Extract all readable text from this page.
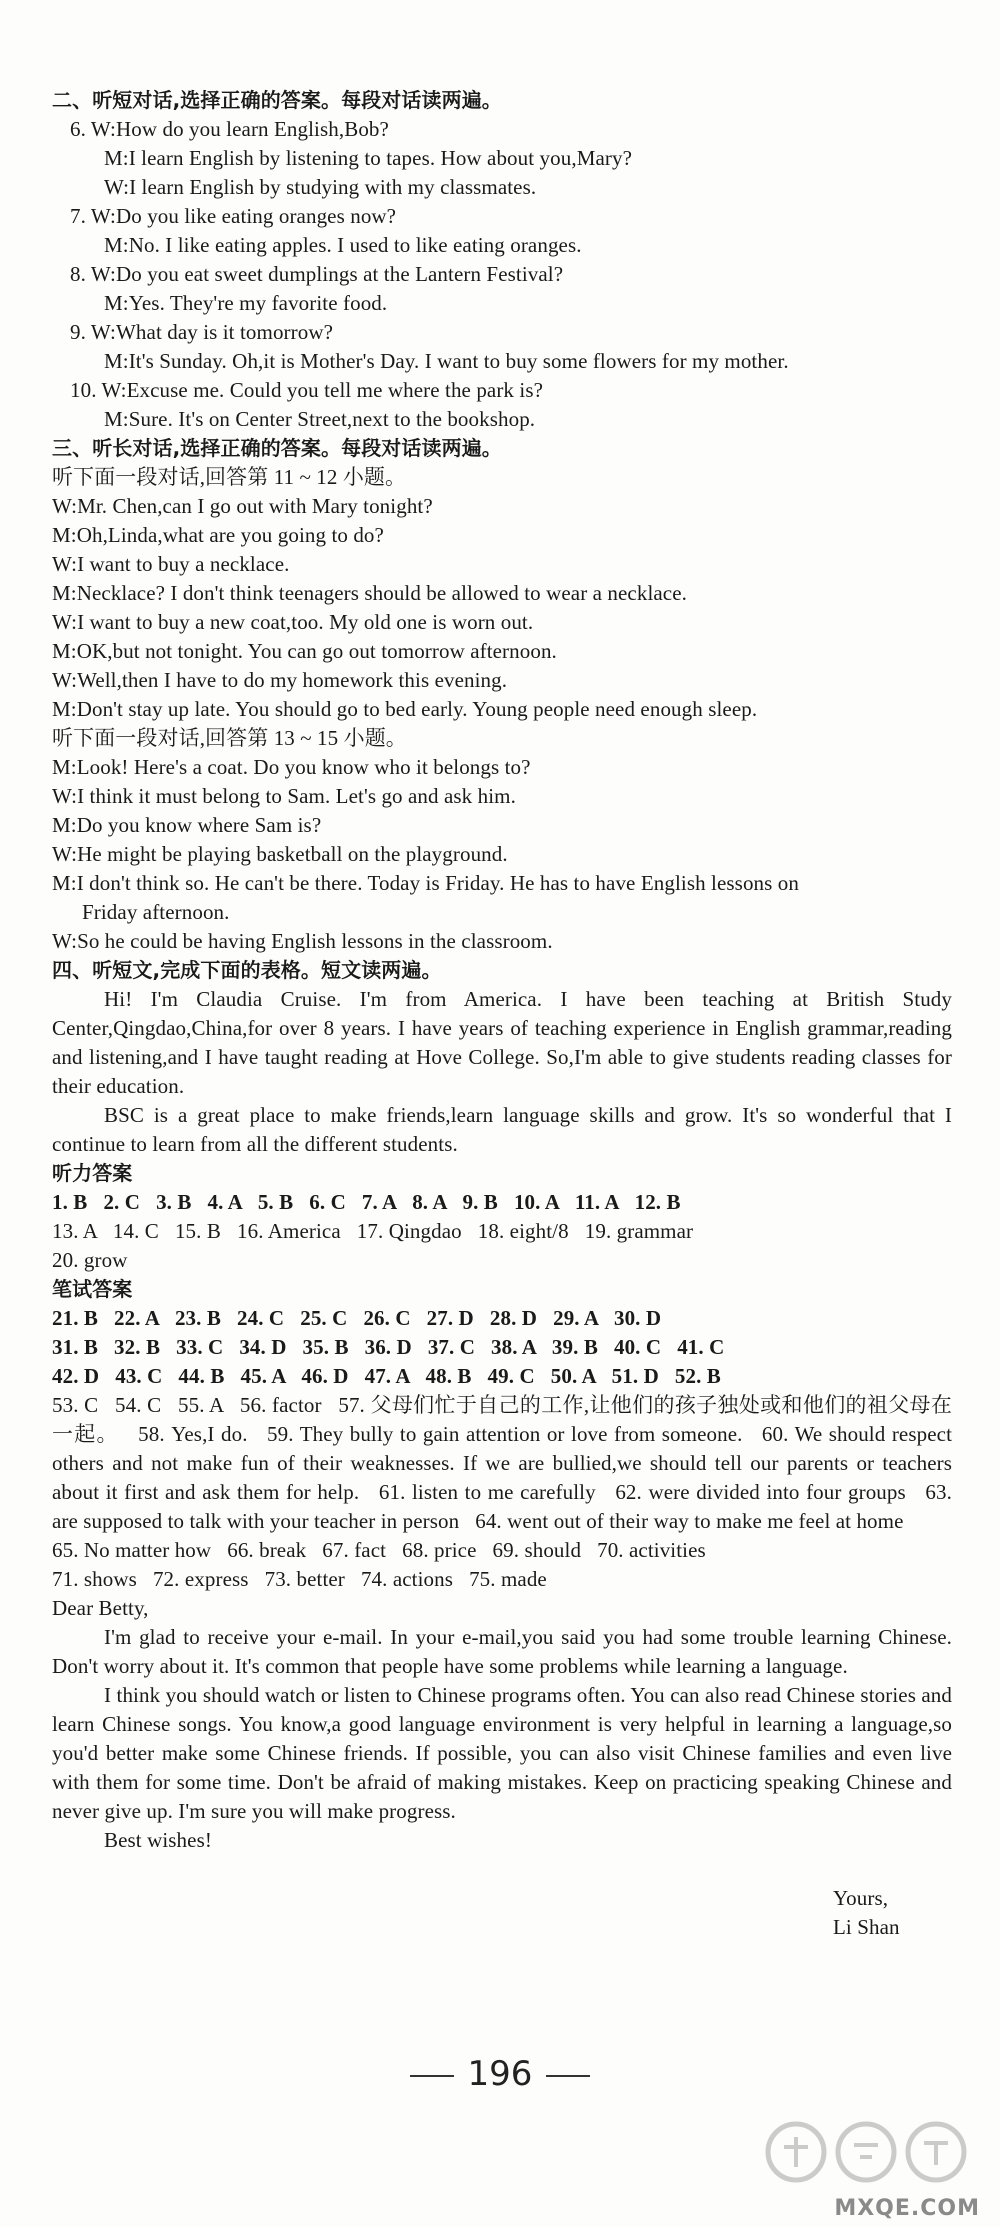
二、听短对话,选择正确的答案。每段对话读两遍。
6. W:How do you learn English,Bob?
M:I learn English by listening to tapes. How about you,Mary?
W:I learn English by studying with my classmates.
7. W:Do you like eating oranges now?
M:No. I like eating apples. I used to like eating oranges.
8. W:Do you eat sweet dumplings at the Lantern Festival?
M:Yes. They're my favorite food.
9. W:What day is it tomorrow?
M:It's Sunday. Oh,it is Mother's Day. I want to buy some flowers for my mother.
10. W:Excuse me. Could you tell me where the park is?
M:Sure. It's on Center Street,next to the bookshop.
三、听长对话,选择正确的答案。每段对话读两遍。
听下面一段对话,回答第 11 ~ 12 小题。
W:Mr. Chen,can I go out with Mary tonight?
M:Oh,Linda,what are you going to do?
W:I want to buy a necklace.
M:Necklace? I don't think teenagers should be allowed to wear a necklace.
W:I want to buy a new coat,too. My old one is worn out.
M:OK,but not tonight. You can go out tomorrow afternoon.
W:Well,then I have to do my homework this evening.
M:Don't stay up late. You should go to bed early. Young people need enough sleep.
听下面一段对话,回答第 13 ~ 15 小题。
M:Look! Here's a coat. Do you know who it belongs to?
W:I think it must belong to Sam. Let's go and ask him.
M:Do you know where Sam is?
W:He might be playing basketball on the playground.
M:I don't think so. He can't be there. Today is Friday. He has to have English lessons on
Friday afternoon.
W:So he could be having English lessons in the classroom.
四、听短文,完成下面的表格。短文读两遍。
Hi! I'm Claudia Cruise. I'm from America. I have been teaching at British Study Center,Qingdao,China,for over 8 years. I have years of teaching experience in English grammar,reading and listening,and I have taught reading at Hove College. So,I'm able to give students reading classes for their education.
BSC is a great place to make friends,learn language skills and grow. It's so wonderful that I continue to learn from all the different students.
听力答案
1. B   2. C   3. B   4. A   5. B   6. C   7. A   8. A   9. B   10. A   11. A   12. B
13. A   14. C   15. B   16. America   17. Qingdao   18. eight/8   19. grammar
20. grow
笔试答案
21. B   22. A   23. B   24. C   25. C   26. C   27. D   28. D   29. A   30. D
31. B   32. B   33. C   34. D   35. B   36. D   37. C   38. A   39. B   40. C   41. C
42. D   43. C   44. B   45. A   46. D   47. A   48. B   49. C   50. A   51. D   52. B
53. C   54. C   55. A   56. factor   57. 父母们忙于自己的工作,让他们的孩子独处或和他们的祖父母在一起。   58. Yes,I do.   59. They bully to gain attention or love from someone.   60. We should respect others and not make fun of their weaknesses. If we are bullied,we should tell our parents or teachers about it first and ask them for help.   61. listen to me carefully   62. were divided into four groups   63. are supposed to talk with your teacher in person   64. went out of their way to make me feel at home
65. No matter how   66. break   67. fact   68. price   69. should   70. activities
71. shows   72. express   73. better   74. actions   75. made
Dear Betty,
I'm glad to receive your e-mail. In your e-mail,you said you had some trouble learning Chinese. Don't worry about it. It's common that people have some problems while learning a language.
I think you should watch or listen to Chinese programs often. You can also read Chinese stories and learn Chinese songs. You know,a good language environment is very helpful in learning a language,so you'd better make some Chinese friends. If possible, you can also visit Chinese families and even live with them for some time. Don't be afraid of making mistakes. Keep on practicing speaking Chinese and never give up. I'm sure you will make progress.
Best wishes!
Yours,
Li Shan
196
MXQE.COM
